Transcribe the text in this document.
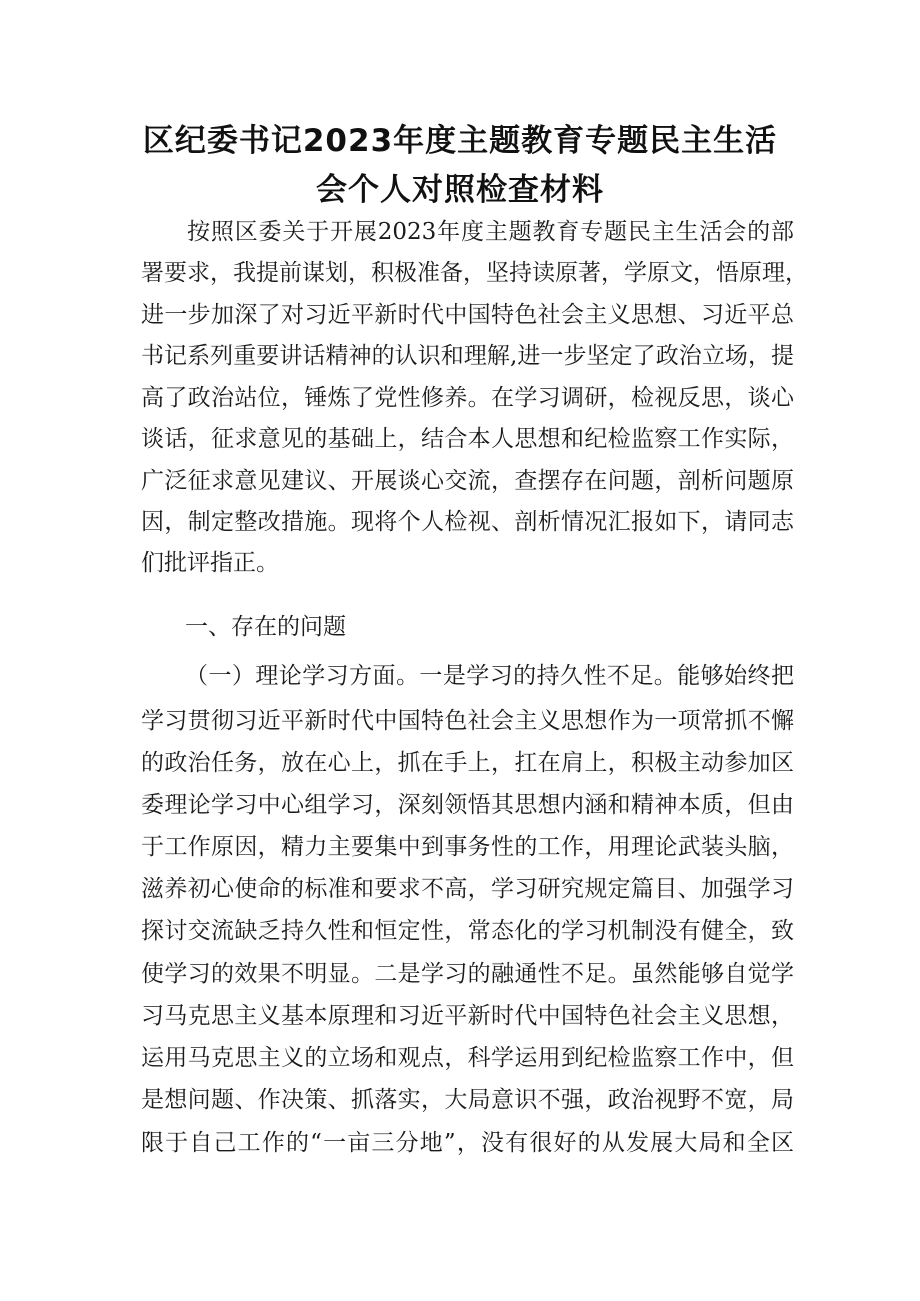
区纪委书记2023年度主题教育专题民主生活
会个人对照检查材料
按照区委关于开展2023年度主题教育专题民主生活会的部
署要求，我提前谋划，积极准备，坚持读原著，学原文，悟原理，
进一步加深了对习近平新时代中国特色社会主义思想、习近平总
书记系列重要讲话精神的认识和理解,进一步坚定了政治立场，提
高了政治站位，锤炼了党性修养。在学习调研，检视反思，谈心
谈话，征求意见的基础上，结合本人思想和纪检监察工作实际，
广泛征求意见建议、开展谈心交流，查摆存在问题，剖析问题原
因，制定整改措施。现将个人检视、剖析情况汇报如下，请同志
们批评指正。
一、存在的问题
（一）理论学习方面。一是学习的持久性不足。能够始终把
学习贯彻习近平新时代中国特色社会主义思想作为一项常抓不懈
的政治任务，放在心上，抓在手上，扛在肩上，积极主动参加区
委理论学习中心组学习，深刻领悟其思想内涵和精神本质，但由
于工作原因，精力主要集中到事务性的工作，用理论武装头脑，
滋养初心使命的标准和要求不高，学习研究规定篇目、加强学习
探讨交流缺乏持久性和恒定性，常态化的学习机制没有健全，致
使学习的效果不明显。二是学习的融通性不足。虽然能够自觉学
习马克思主义基本原理和习近平新时代中国特色社会主义思想，
运用马克思主义的立场和观点，科学运用到纪检监察工作中，但
是想问题、作决策、抓落实，大局意识不强，政治视野不宽，局
限于自己工作的“一亩三分地”，没有很好的从发展大局和全区
